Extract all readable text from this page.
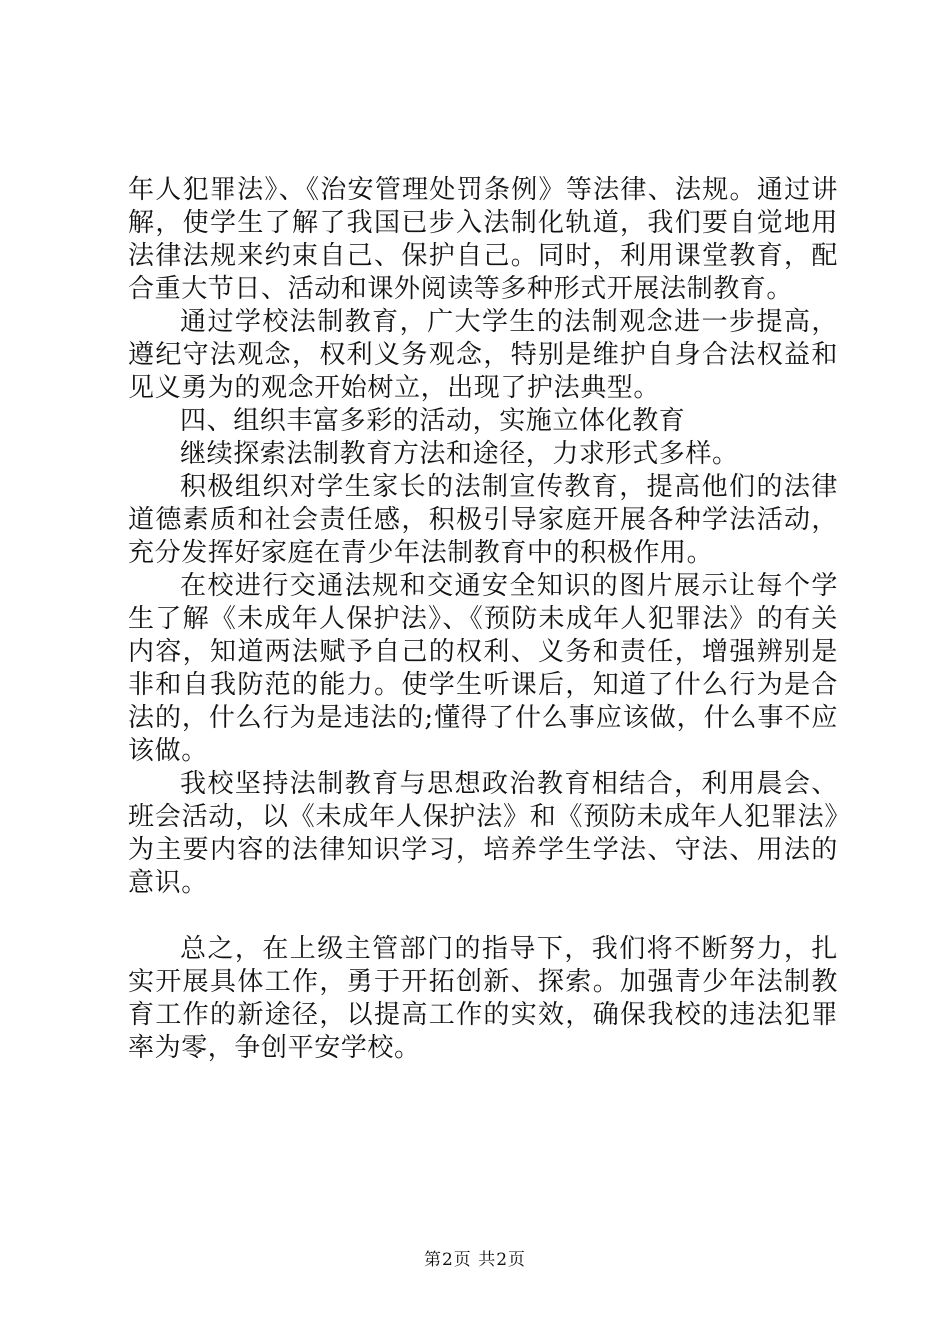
年人犯罪法》、《治安管理处罚条例》等法律、法规。通过讲解，使学生了解了我国已步入法制化轨道，我们要自觉地用法律法规来约束自己、保护自己。同时，利用课堂教育，配合重大节日、活动和课外阅读等多种形式开展法制教育。

通过学校法制教育，广大学生的法制观念进一步提高，遵纪守法观念，权利义务观念，特别是维护自身合法权益和见义勇为的观念开始树立，出现了护法典型。

四、组织丰富多彩的活动，实施立体化教育

继续探索法制教育方法和途径，力求形式多样。

积极组织对学生家长的法制宣传教育，提高他们的法律道德素质和社会责任感，积极引导家庭开展各种学法活动，充分发挥好家庭在青少年法制教育中的积极作用。

在校进行交通法规和交通安全知识的图片展示让每个学生了解《未成年人保护法》、《预防未成年人犯罪法》的有关内容，知道两法赋予自己的权利、义务和责任，增强辨别是非和自我防范的能力。使学生听课后，知道了什么行为是合法的，什么行为是违法的;懂得了什么事应该做，什么事不应该做。

我校坚持法制教育与思想政治教育相结合，利用晨会、班会活动，以《未成年人保护法》和《预防未成年人犯罪法》为主要内容的法律知识学习，培养学生学法、守法、用法的意识。

总之，在上级主管部门的指导下，我们将不断努力，扎实开展具体工作，勇于开拓创新、探索。加强青少年法制教育工作的新途径，以提高工作的实效，确保我校的违法犯罪率为零，争创平安学校。

第2页 共2页
